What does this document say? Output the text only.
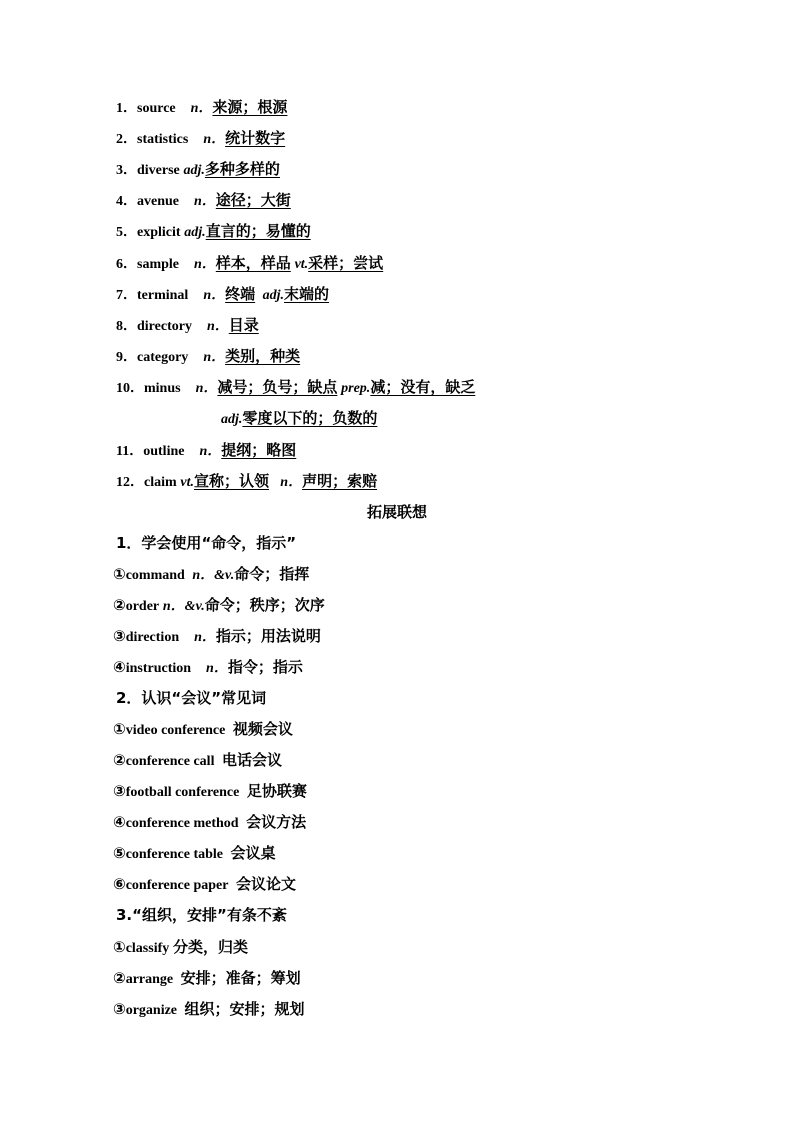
1．source n．来源；根源
2．statistics n．统计数字
3．diverse adj.多种多样的
4．avenue n．途径；大街
5．explicit adj.直言的；易懂的
6．sample n．样本，样品 vt.采样；尝试
7．terminal n．终端 adj.末端的
8．directory n．目录
9．category n．类别，种类
10．minus n．减号；负号；缺点 prep.减；没有，缺乏
adj.零度以下的；负数的
11．outline n．提纲；略图
12．claim vt.宣称；认领 n．声明；索赔
拓展联想
1．学会使用“命令，指示”
①command n．&v.命令；指挥
②order n．&v.命令；秩序；次序
③direction n．指示；用法说明
④instruction n．指令；指示
2．认识“会议”常见词
①video conference 视频会议
②conference call 电话会议
③football conference 足协联赛
④conference method 会议方法
⑤conference table 会议桌
⑥conference paper 会议论文
3.“组织，安排”有条不紊
①classify 分类，归类
②arrange 安排；准备；筹划
③organize 组织；安排；规划
